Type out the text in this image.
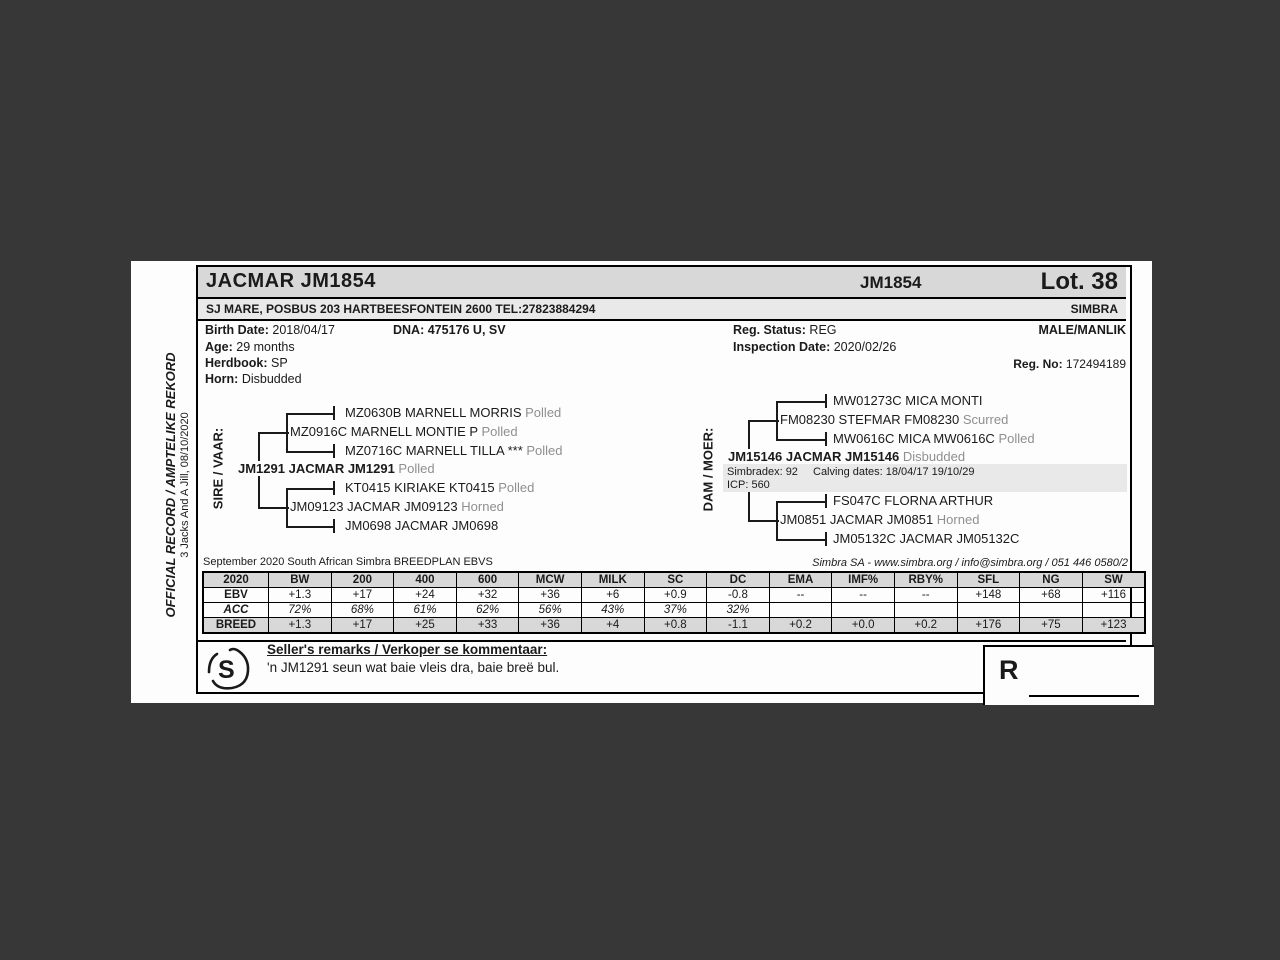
OFFICIAL RECORD / AMPTELIKE REKORD 3 Jacks And A Jill, 08/10/2020
JACMAR JM1854	JM1854	Lot. 38
SJ MARE, POSBUS 203 HARTBEESFONTEIN 2600 TEL:27823884294	SIMBRA
Birth Date: 2018/04/17	DNA: 475176 U, SV	Reg. Status: REG	MALE/MANLIK
Age: 29 months	Inspection Date: 2020/02/26
Herdbook: SP	Reg. No: 172494189
Horn: Disbudded
SIRE / VAAR:
MZ0630B MARNELL MORRIS Polled
MZ0916C MARNELL MONTIE P Polled
MZ0716C MARNELL TILLA *** Polled
JM1291 JACMAR JM1291 Polled
KT0415 KIRIAKE KT0415 Polled
JM09123 JACMAR JM09123 Horned
JM0698 JACMAR JM0698
DAM / MOER:
MW01273C MICA MONTI
FM08230 STEFMAR FM08230 Scurred
MW0616C MICA MW0616C Polled
JM15146 JACMAR JM15146 Disbudded
Simbradex: 92 Calving dates: 18/04/17 19/10/29
ICP: 560
FS047C FLORNA ARTHUR
JM0851 JACMAR JM0851 Horned
JM05132C JACMAR JM05132C
September 2020 South African Simbra BREEDPLAN EBVS	Simbra SA - www.simbra.org / info@simbra.org / 051 446 0580/2
2020	BW	200	400	600	MCW	MILK	SC	DC	EMA	IMF%	RBY%	SFL	NG	SW
EBV	+1.3	+17	+24	+32	+36	+6	+0.9	-0.8	--	--	--	+148	+68	+116
ACC	72%	68%	61%	62%	56%	43%	37%	32%						
BREED	+1.3	+17	+25	+33	+36	+4	+0.8	-1.1	+0.2	+0.0	+0.2	+176	+75	+123
S
Seller's remarks / Verkoper se kommentaar:
'n JM1291 seun wat baie vleis dra, baie breë bul.	R
